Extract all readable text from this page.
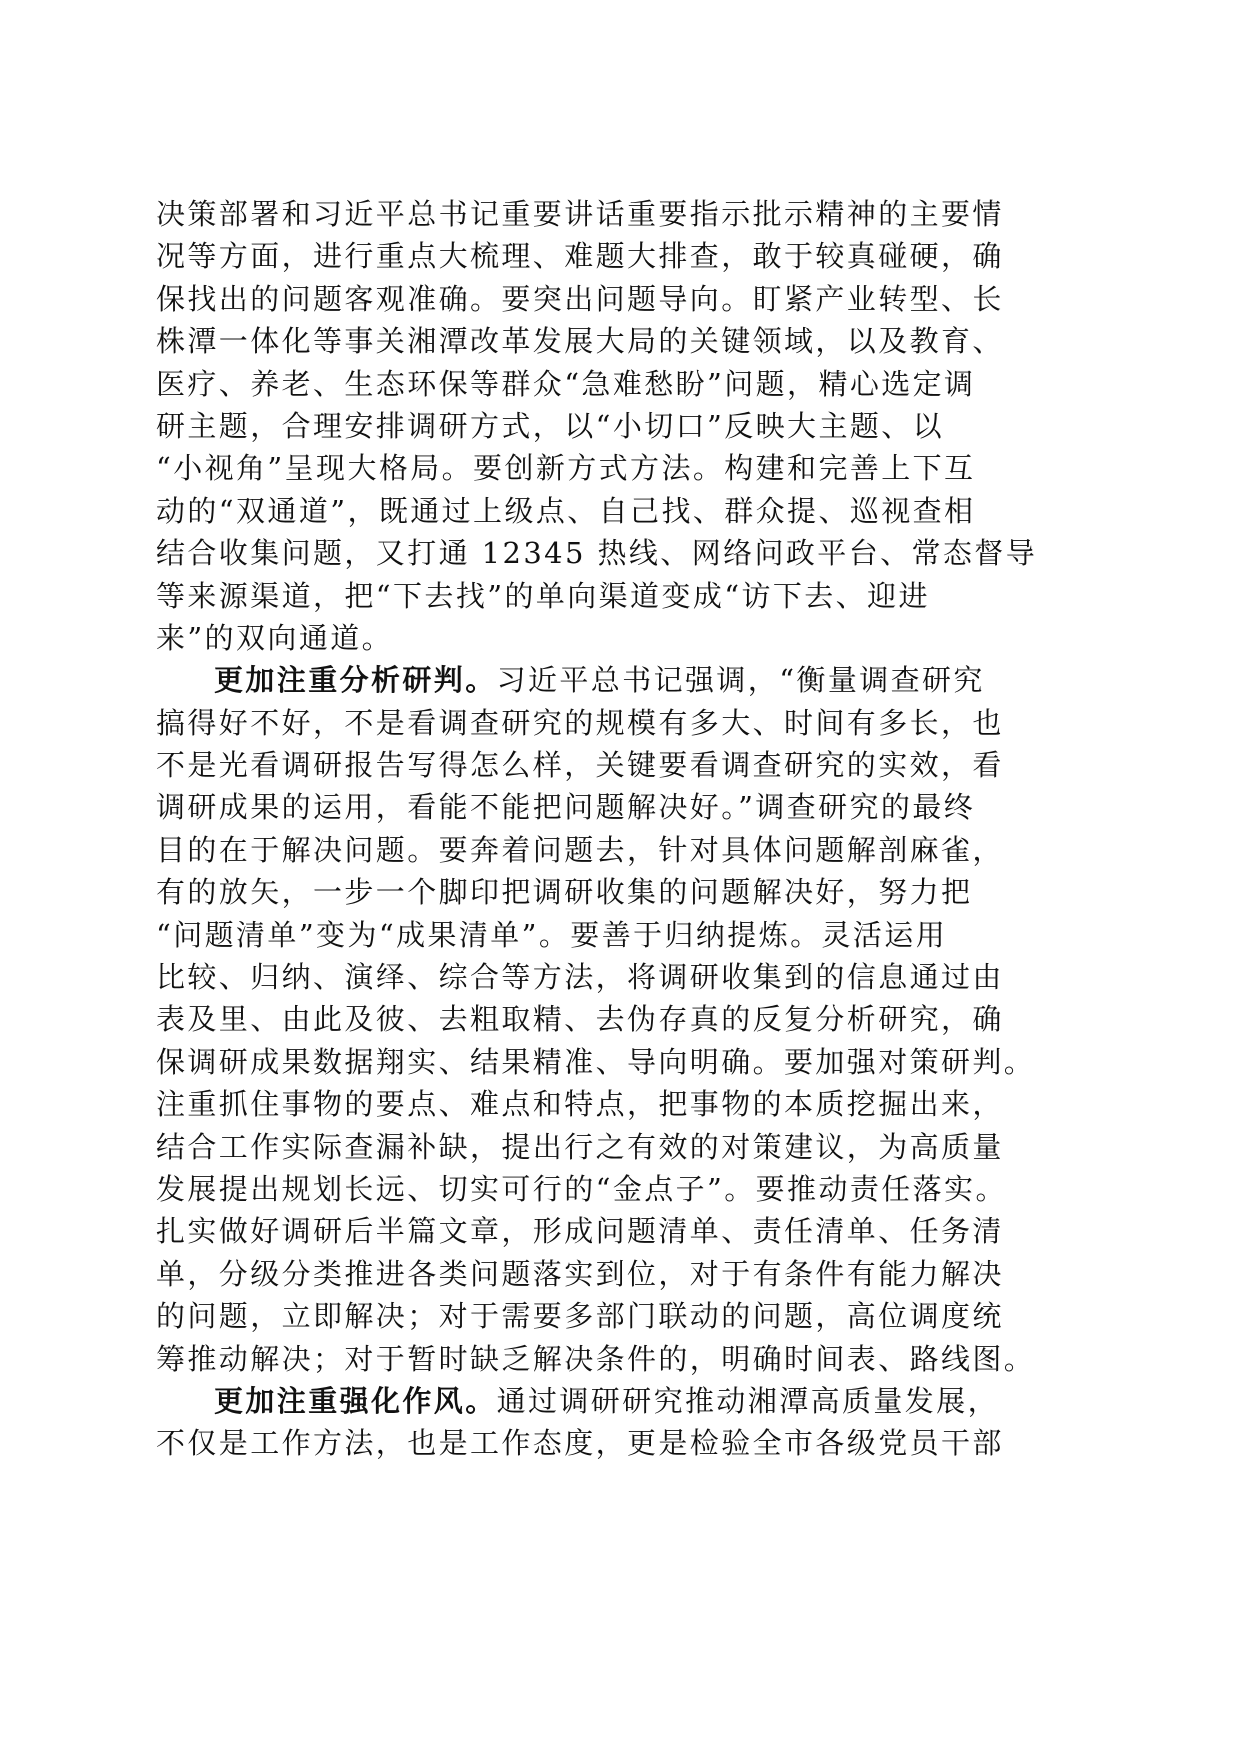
决策部署和习近平总书记重要讲话重要指示批示精神的主要情
况等方面，进行重点大梳理、难题大排查，敢于较真碰硬，确
保找出的问题客观准确。要突出问题导向。盯紧产业转型、长
株潭一体化等事关湘潭改革发展大局的关键领域，以及教育、
医疗、养老、生态环保等群众“急难愁盼”问题，精心选定调
研主题，合理安排调研方式，以“小切口”反映大主题、以
“小视角”呈现大格局。要创新方式方法。构建和完善上下互
动的“双通道”，既通过上级点、自己找、群众提、巡视查相
结合收集问题，又打通 12345 热线、网络问政平台、常态督导
等来源渠道，把“下去找”的单向渠道变成“访下去、迎进
来”的双向通道。
更加注重分析研判。习近平总书记强调，“衡量调查研究
搞得好不好，不是看调查研究的规模有多大、时间有多长，也
不是光看调研报告写得怎么样，关键要看调查研究的实效，看
调研成果的运用，看能不能把问题解决好。”调查研究的最终
目的在于解决问题。要奔着问题去，针对具体问题解剖麻雀，
有的放矢，一步一个脚印把调研收集的问题解决好，努力把
“问题清单”变为“成果清单”。要善于归纳提炼。灵活运用
比较、归纳、演绎、综合等方法，将调研收集到的信息通过由
表及里、由此及彼、去粗取精、去伪存真的反复分析研究，确
保调研成果数据翔实、结果精准、导向明确。要加强对策研判。
注重抓住事物的要点、难点和特点，把事物的本质挖掘出来，
结合工作实际查漏补缺，提出行之有效的对策建议，为高质量
发展提出规划长远、切实可行的“金点子”。要推动责任落实。
扎实做好调研后半篇文章，形成问题清单、责任清单、任务清
单，分级分类推进各类问题落实到位，对于有条件有能力解决
的问题，立即解决；对于需要多部门联动的问题，高位调度统
筹推动解决；对于暂时缺乏解决条件的，明确时间表、路线图。
更加注重强化作风。通过调研研究推动湘潭高质量发展，
不仅是工作方法，也是工作态度，更是检验全市各级党员干部
